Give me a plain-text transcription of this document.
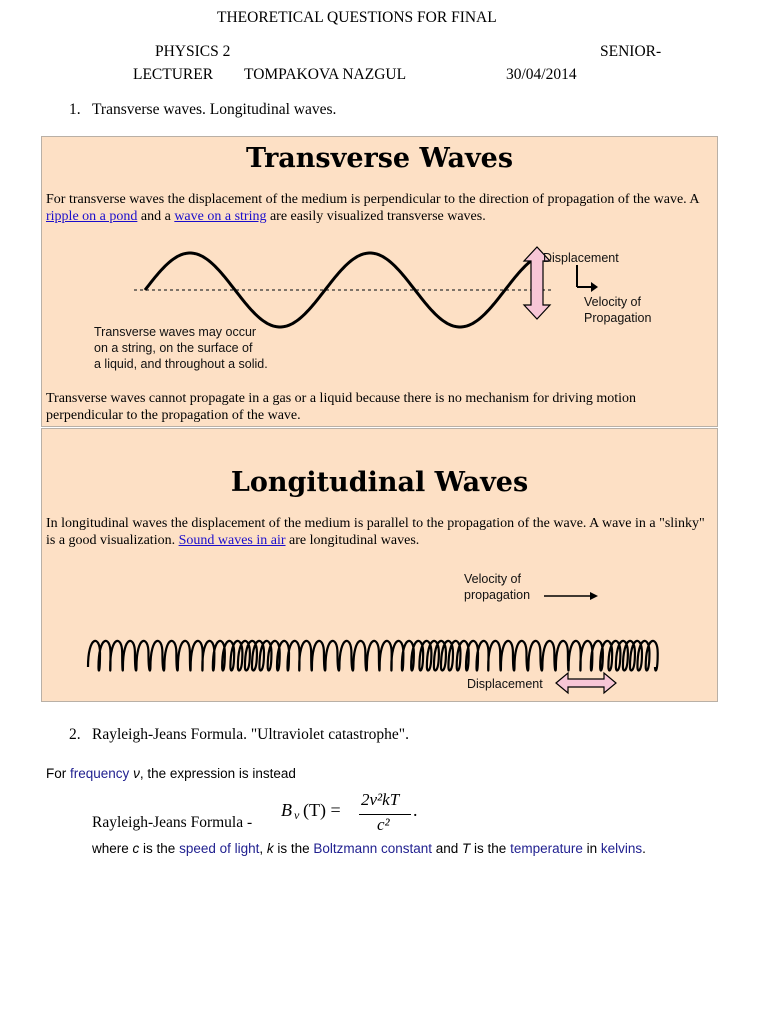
THEORETICAL QUESTIONS FOR FINAL
PHYSICS 2	SENIOR-
LECTURER TOMPAKOVA NAZGUL	30/04/2014
1. Transverse waves. Longitudinal waves.
Transverse Waves
For transverse waves the displacement of the medium is perpendicular to the direction of propagation of the wave. A ripple on a pond and a wave on a string are easily visualized transverse waves.
Displacement
Velocity of
Propagation
Transverse waves may occur
on a string, on the surface of
a liquid, and throughout a solid.
Transverse waves cannot propagate in a gas or a liquid because there is no mechanism for driving motion perpendicular to the propagation of the wave.
Longitudinal Waves
In longitudinal waves the displacement of the medium is parallel to the propagation of the wave. A wave in a "slinky" is a good visualization. Sound waves in air are longitudinal waves.
Velocity of
propagation
Displacement
2. Rayleigh-Jeans Formula. "Ultraviolet catastrophe".
For frequency ν, the expression is instead
Rayleigh-Jeans Formula -
B ν (T) =
2ν²kT
c²
.
where c is the speed of light, k is the Boltzmann constant and T is the temperature in kelvins.
